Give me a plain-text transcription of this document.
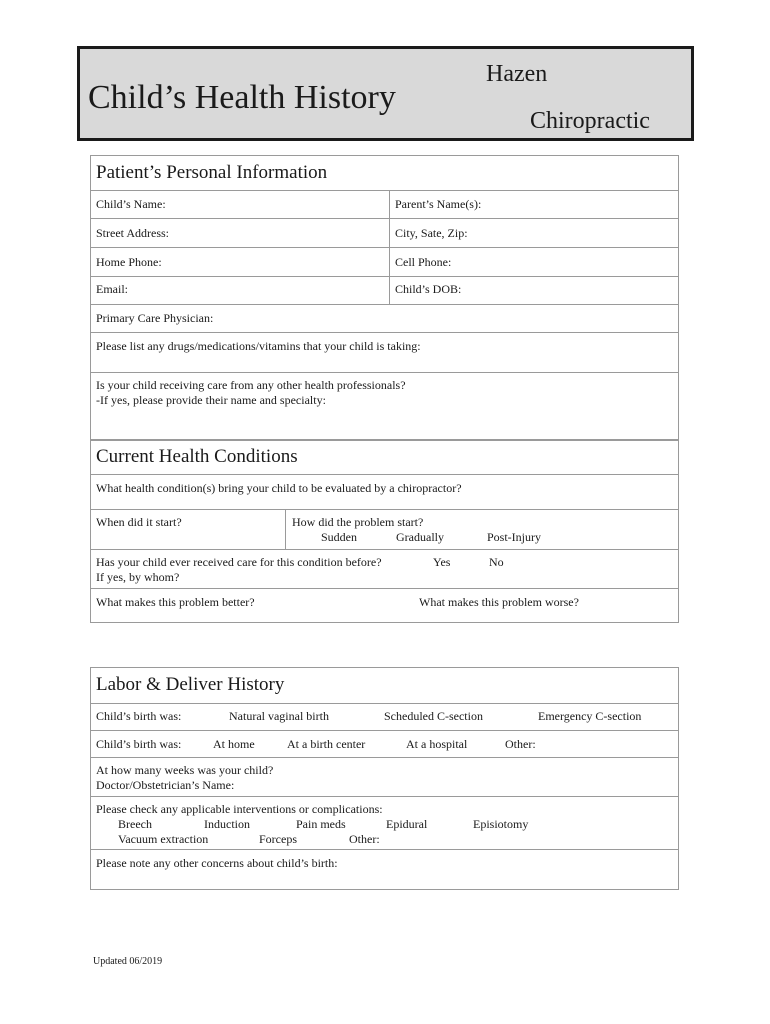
Child’s Health History
Hazen
Chiropractic
Patient’s Personal Information
Child’s Name:	Parent’s Name(s):
Street Address:	City, Sate, Zip:
Home Phone:	Cell Phone:
Email:	Child’s DOB:
Primary Care Physician:
Please list any drugs/medications/vitamins that your child is taking:
Is your child receiving care from any other health professionals?
-If yes, please provide their name and specialty:
Current Health Conditions
What health condition(s) bring your child to be evaluated by a chiropractor?
When did it start?	How did the problem start?
Sudden	Gradually	Post-Injury
Has your child ever received care for this condition before?	Yes	No
If yes, by whom?
What makes this problem better?	What makes this problem worse?
Labor & Deliver History
Child’s birth was:	Natural vaginal birth	Scheduled C-section	Emergency C-section
Child’s birth was:	At home	At a birth center	At a hospital	Other:
At how many weeks was your child?
Doctor/Obstetrician’s Name:
Please check any applicable interventions or complications:
Breech	Induction	Pain meds	Epidural	Episiotomy
Vacuum extraction	Forceps	Other:
Please note any other concerns about child’s birth:
Updated 06/2019
